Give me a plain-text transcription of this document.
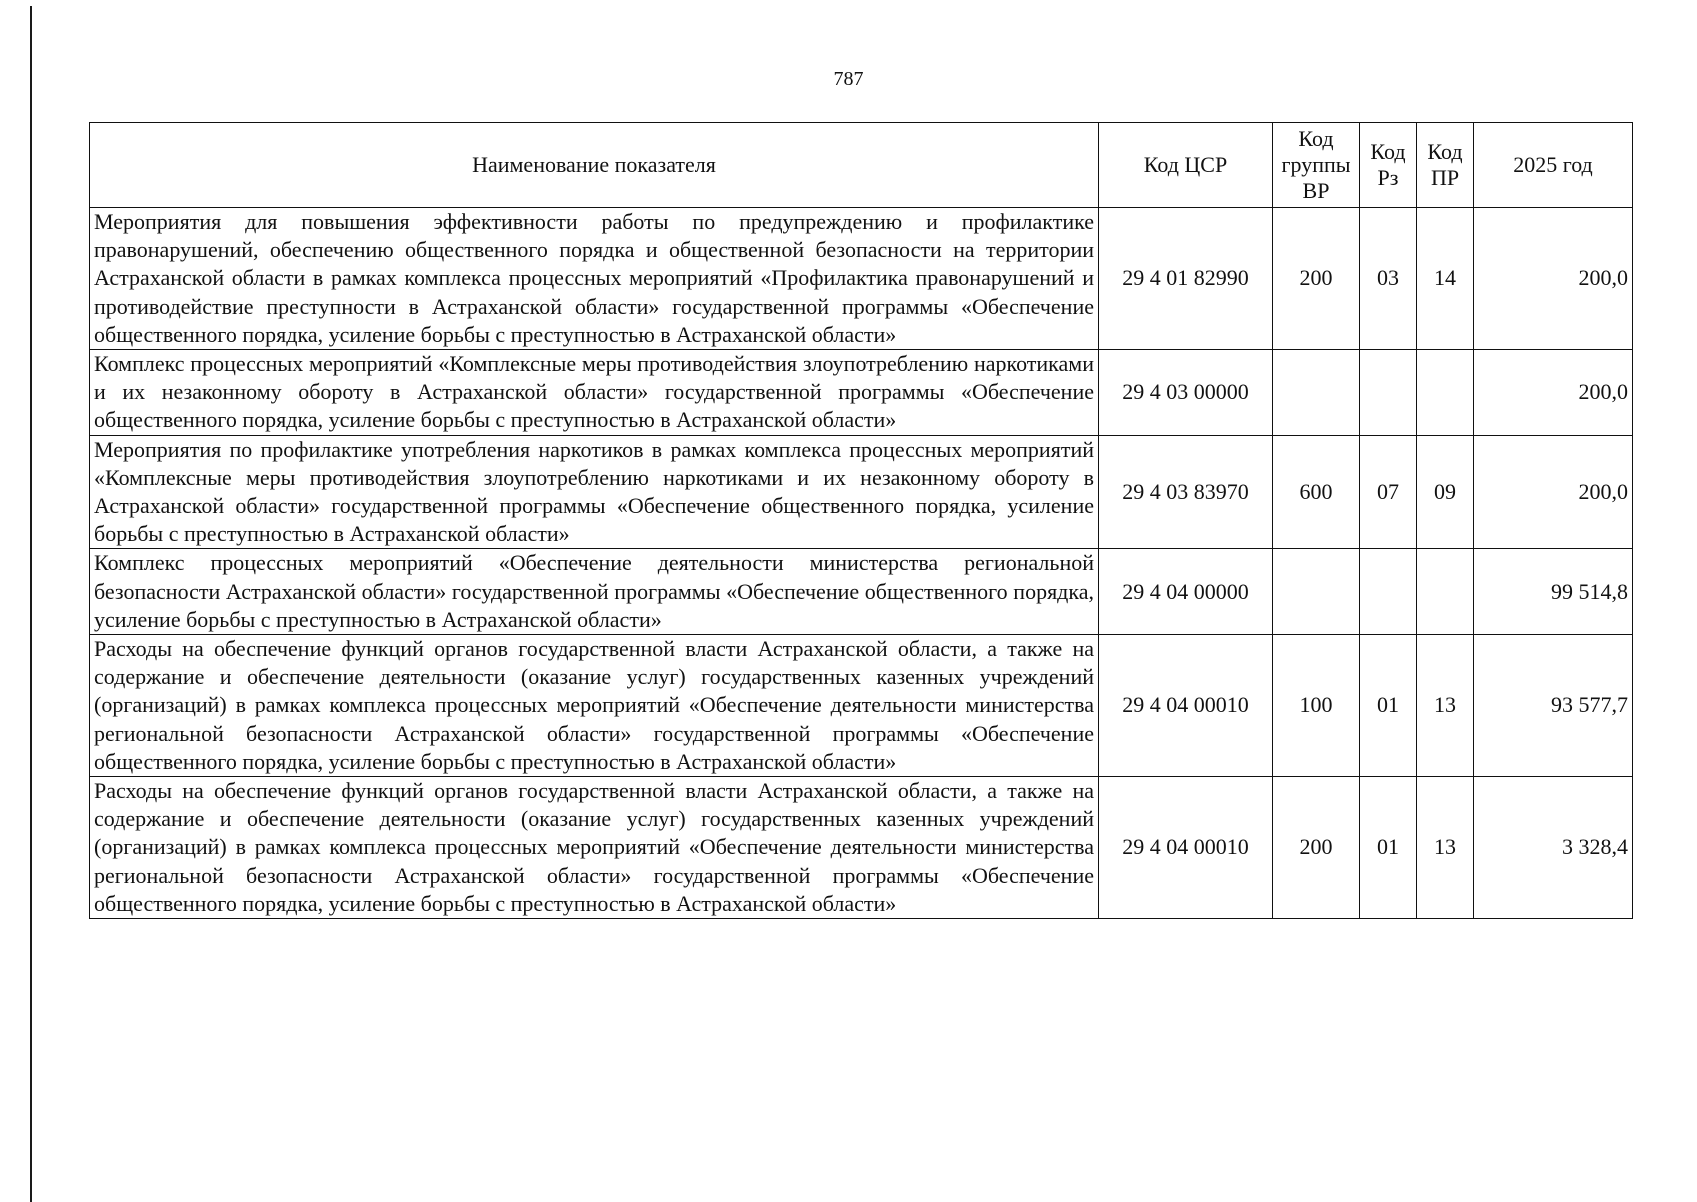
787
Наименование показателя	Код ЦСР	Код группы ВР	Код Рз	Код ПР	2025 год
Мероприятия для повышения эффективности работы по предупреждению и профилактике правонарушений, обеспечению общественного порядка и общественной безопасности на территории Астраханской области в рамках комплекса процессных мероприятий «Профилактика правонарушений и противодействие преступности в Астраханской области» государственной программы «Обеспечение общественного порядка, усиление борьбы с преступностью в Астраханской области»	29 4 01 82990	200	03	14	200,0
Комплекс процессных мероприятий «Комплексные меры противодействия злоупотреблению наркотиками и их незаконному обороту в Астраханской области» государственной программы «Обеспечение общественного порядка, усиление борьбы с преступностью в Астраханской области»	29 4 03 00000				200,0
Мероприятия по профилактике употребления наркотиков в рамках комплекса процессных мероприятий «Комплексные меры противодействия злоупотреблению наркотиками и их незаконному обороту в Астраханской области» государственной программы «Обеспечение общественного порядка, усиление борьбы с преступностью в Астраханской области»	29 4 03 83970	600	07	09	200,0
Комплекс процессных мероприятий «Обеспечение деятельности министерства региональной безопасности Астраханской области» государственной программы «Обеспечение общественного порядка, усиление борьбы с преступностью в Астраханской области»	29 4 04 00000				99 514,8
Расходы на обеспечение функций органов государственной власти Астраханской области, а также на содержание и обеспечение деятельности (оказание услуг) государственных казенных учреждений (организаций) в рамках комплекса процессных мероприятий «Обеспечение деятельности министерства региональной безопасности Астраханской области» государственной программы «Обеспечение общественного порядка, усиление борьбы с преступностью в Астраханской области»	29 4 04 00010	100	01	13	93 577,7
Расходы на обеспечение функций органов государственной власти Астраханской области, а также на содержание и обеспечение деятельности (оказание услуг) государственных казенных учреждений (организаций) в рамках комплекса процессных мероприятий «Обеспечение деятельности министерства региональной безопасности Астраханской области» государственной программы «Обеспечение общественного порядка, усиление борьбы с преступностью в Астраханской области»	29 4 04 00010	200	01	13	3 328,4
